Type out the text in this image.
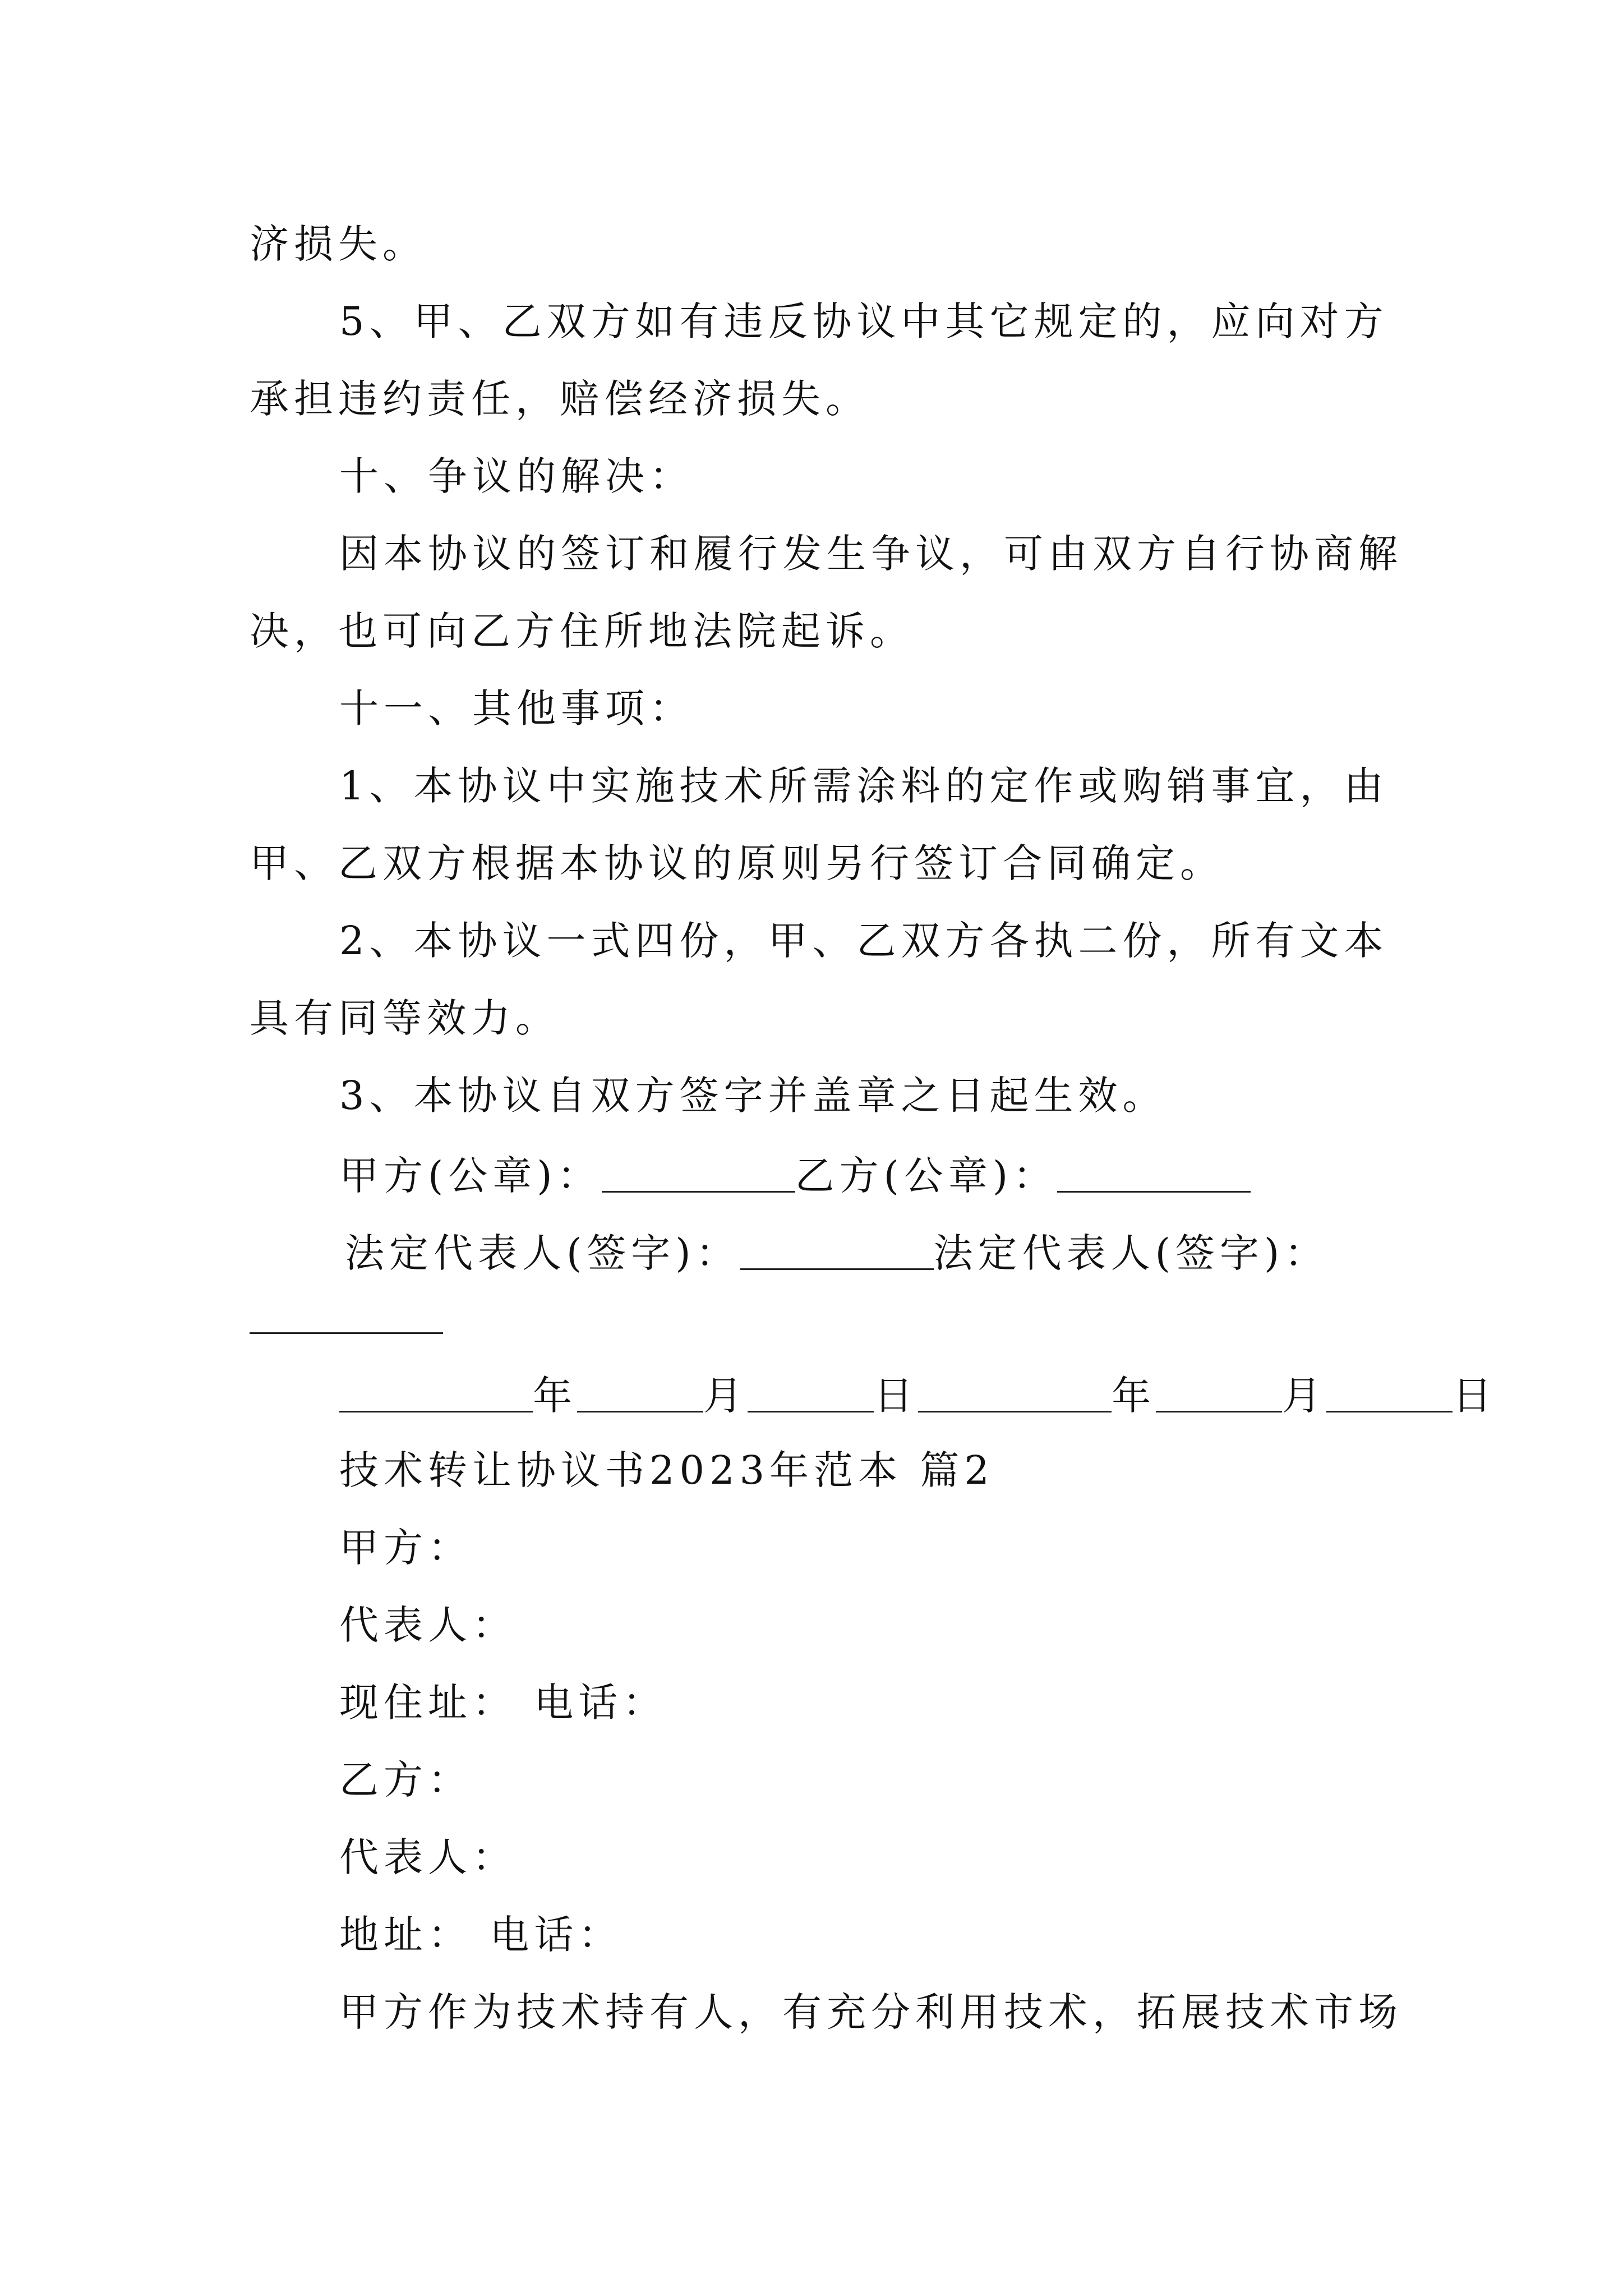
济损失。
5、甲、乙双方如有违反协议中其它规定的，应向对方
承担违约责任，赔偿经济损失。
十、争议的解决：
因本协议的签订和履行发生争议，可由双方自行协商解
决，也可向乙方住所地法院起诉。
十一、其他事项：
1、本协议中实施技术所需涂料的定作或购销事宜，由
甲、乙双方根据本协议的原则另行签订合同确定。
2、本协议一式四份，甲、乙双方各执二份，所有文本
具有同等效力。
3、本协议自双方签字并盖章之日起生效。
甲方(公章)：	乙方(公章)：
法定代表人(签字)：	法定代表人(签字)：
年	月	日	年	月	日
技术转让协议书2023年范本 篇2
甲方：
代表人：
现住址： 电话：
乙方：
代表人：
地址： 电话：
甲方作为技术持有人，有充分利用技术，拓展技术市场
